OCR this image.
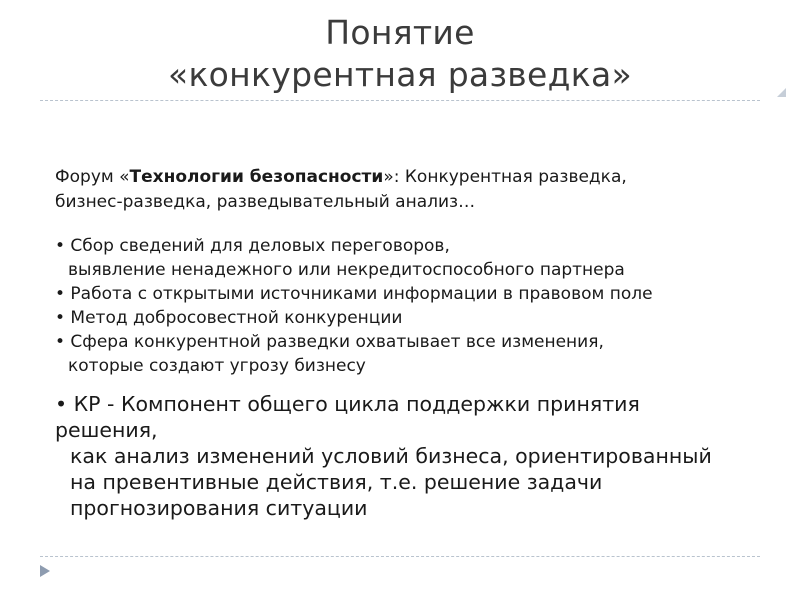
Понятие
«конкурентная разведка»

Форум «Технологии безопасности»: Конкурентная разведка,
бизнес-разведка, разведывательный анализ…

• Сбор сведений для деловых переговоров,
выявление ненадежного или некредитоспособного партнера
• Работа с открытыми источниками информации в правовом поле
• Метод добросовестной конкуренции
• Сфера конкурентной разведки охватывает все изменения,
которые создают угрозу бизнесу
• КР - Компонент общего цикла поддержки принятия
решения,
как анализ изменений условий бизнеса, ориентированный
на превентивные действия, т.е. решение задачи
прогнозирования ситуации
